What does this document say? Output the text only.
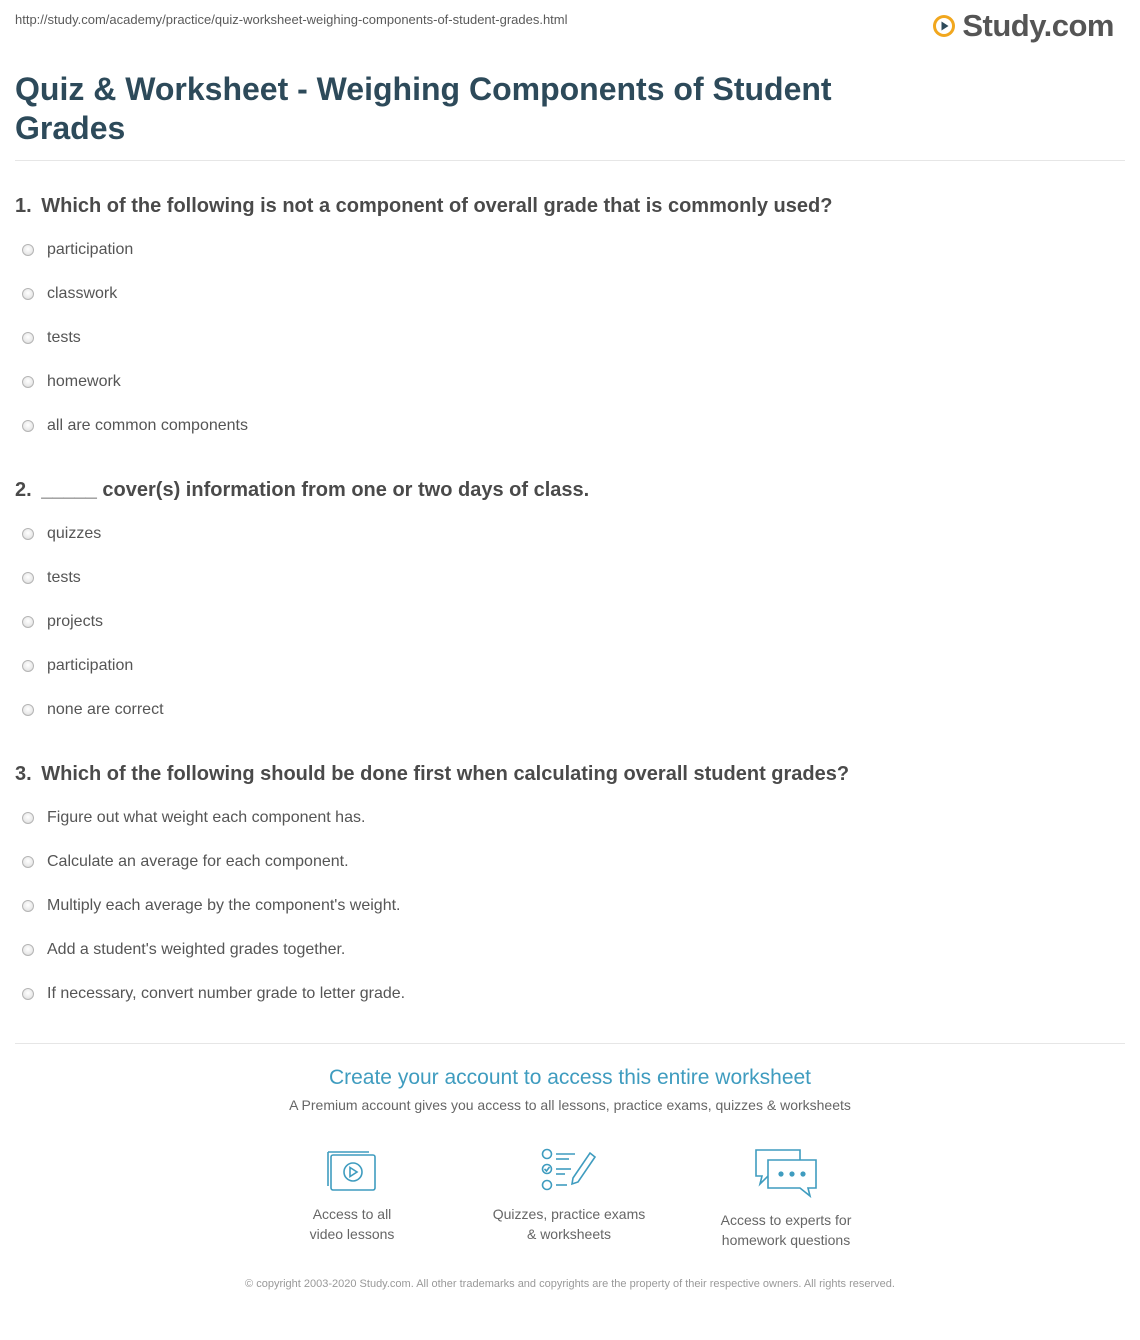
http://study.com/academy/practice/quiz-worksheet-weighing-components-of-student-grades.html	Study.com
Quiz & Worksheet - Weighing Components of Student Grades

1. Which of the following is not a component of overall grade that is commonly used?

participation
classwork
tests
homework
all are common components

2. _____ cover(s) information from one or two days of class.

quizzes
tests
projects
participation
none are correct

3. Which of the following should be done first when calculating overall student grades?

Figure out what weight each component has.
Calculate an average for each component.
Multiply each average by the component's weight.
Add a student's weighted grades together.
If necessary, convert number grade to letter grade.
Create your account to access this entire worksheet
A Premium account gives you access to all lessons, practice exams, quizzes & worksheets
Access to all
video lessons
Quizzes, practice exams
& worksheets
Access to experts for
homework questions
© copyright 2003-2020 Study.com. All other trademarks and copyrights are the property of their respective owners. All rights reserved.
